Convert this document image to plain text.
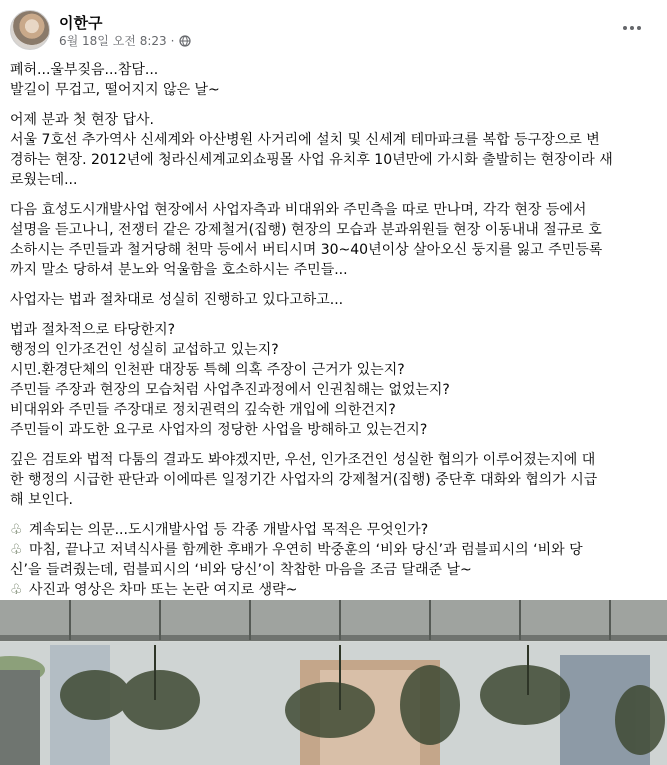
이한구
6월 18일 오전 8:23 ·
폐허...울부짖음...참담...
발길이 무겁고, 떨어지지 않은 날~
어제 분과 첫 현장 답사.
서울 7호선 추가역사 신세계와 아산병원 사거리에 설치 및 신세계 테마파크를 복합 등구장으로 변
경하는 현장. 2012년에 청라신세계교외쇼핑몰 사업 유치후 10년만에 가시화 출발히는 현장이라 새
로웠는데...
다음 효성도시개발사업 현장에서 사업자측과 비대위와 주민측을 따로 만나며, 각각 현장 등에서
설명을 듣고나니, 전쟁터 같은 강제철거(집행) 현장의 모습과 분과위원들 현장 이동내내 절규로 호
소하시는 주민들과 철거당해 천막 등에서 버티시며 30~40년이상 살아오신 둥지를 잃고 주민등록
까지 말소 당하셔 분노와 억울함을 호소하시는 주민들...
사업자는 법과 절차대로 성실히 진행하고 있다고하고...
법과 절차적으로 타당한지?
행정의 인가조건인 성실히 교섭하고 있는지?
시민.환경단체의 인천판 대장동 특혜 의혹 주장이 근거가 있는지?
주민들 주장과 현장의 모습처럼 사업추진과정에서 인권침해는 없었는지?
비대위와 주민들 주장대로 정치권력의 깊숙한 개입에 의한건지?
주민들이 과도한 요구로 사업자의 정당한 사업을 방해하고 있는건지?
깊은 검토와 법적 다툼의 결과도 봐야겠지만, 우선, 인가조건인 성실한 협의가 이루어졌는지에 대
한 행정의 시급한 판단과 이에따른 일정기간 사업자의 강제철거(집행) 중단후 대화와 협의가 시급
해 보인다.
♧ 계속되는 의문...도시개발사업 등 각종 개발사업 목적은 무엇인가?
♧ 마침, 끝나고 저녁식사를 함께한 후배가 우연히 박중훈의 ‘비와 당신’과 럼블피시의 ‘비와 당
신’을 들려줬는데, 럼블피시의 ‘비와 당신’이 착찹한 마음을 조금 달래준 날~
♧ 사진과 영상은 차마 또는 논란 여지로 생략~
